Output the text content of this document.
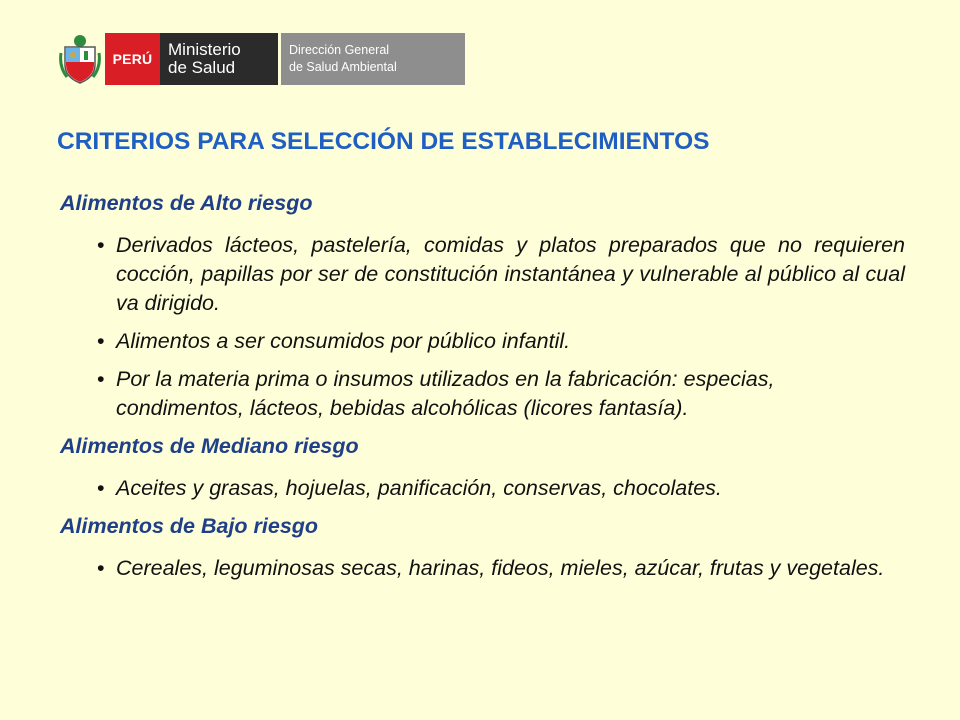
PERÚ Ministerio
de Salud
Dirección General
de Salud Ambiental
CRITERIOS PARA SELECCIÓN DE ESTABLECIMIENTOS

Alimentos de Alto riesgo

• Derivados lácteos, pastelería, comidas y platos preparados que no requieren cocción, papillas por ser de constitución instantánea y vulnerable al público al cual va dirigido.

• Alimentos a ser consumidos por público infantil.

• Por la materia prima o insumos utilizados en la fabricación: especias, condimentos, lácteos, bebidas alcohólicas (licores fantasía).

Alimentos de Mediano riesgo

• Aceites y grasas, hojuelas, panificación, conservas, chocolates.

Alimentos de Bajo riesgo

• Cereales, leguminosas secas, harinas, fideos, mieles, azúcar, frutas y vegetales.
